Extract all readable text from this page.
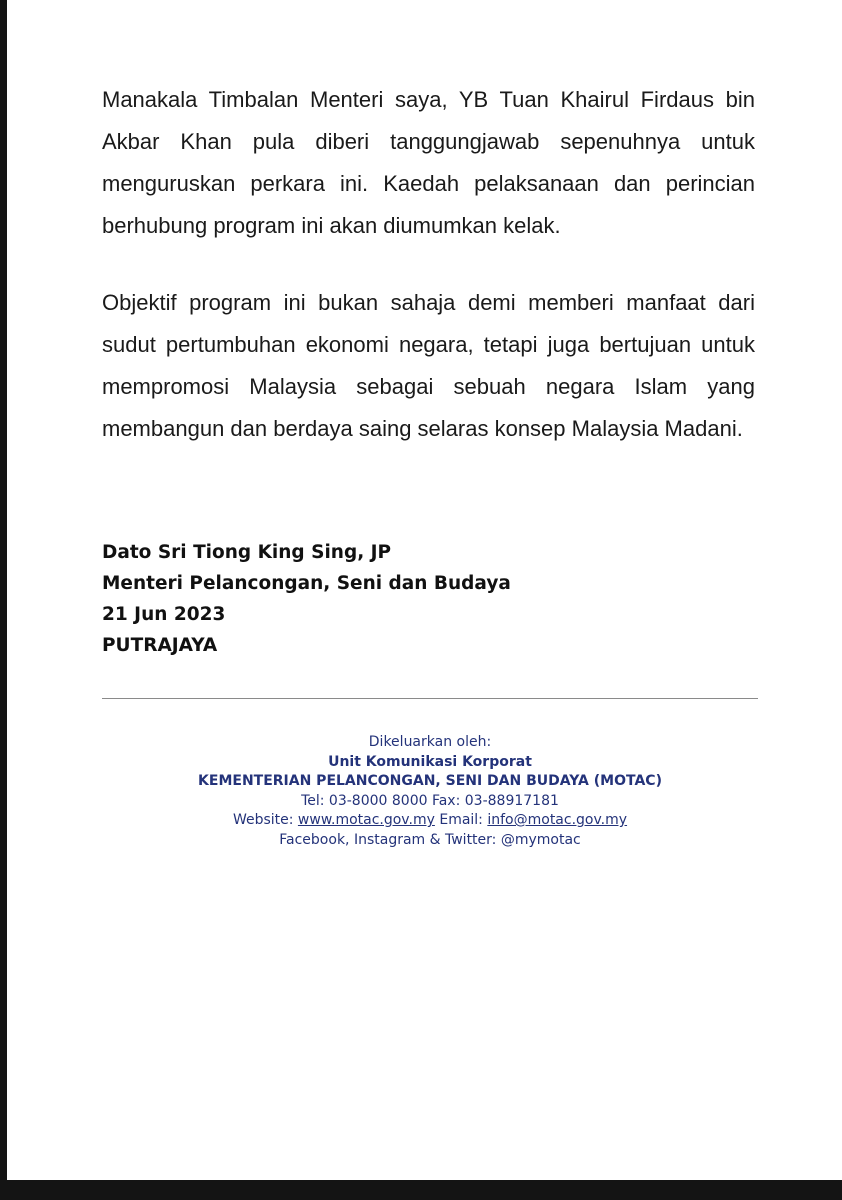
Manakala Timbalan Menteri saya, YB Tuan Khairul Firdaus bin Akbar Khan pula diberi tanggungjawab sepenuhnya untuk menguruskan perkara ini. Kaedah pelaksanaan dan perincian berhubung program ini akan diumumkan kelak.

Objektif program ini bukan sahaja demi memberi manfaat dari sudut pertumbuhan ekonomi negara, tetapi juga bertujuan untuk mempromosi Malaysia sebagai sebuah negara Islam yang membangun dan berdaya saing selaras konsep Malaysia Madani.

Dato Sri Tiong King Sing, JP
Menteri Pelancongan, Seni dan Budaya
21 Jun 2023
PUTRAJAYA
Dikeluarkan oleh:
Unit Komunikasi Korporat
KEMENTERIAN PELANCONGAN, SENI DAN BUDAYA (MOTAC)
Tel: 03-8000 8000 Fax: 03-88917181
Website: www.motac.gov.my Email: info@motac.gov.my
Facebook, Instagram & Twitter: @mymotac
